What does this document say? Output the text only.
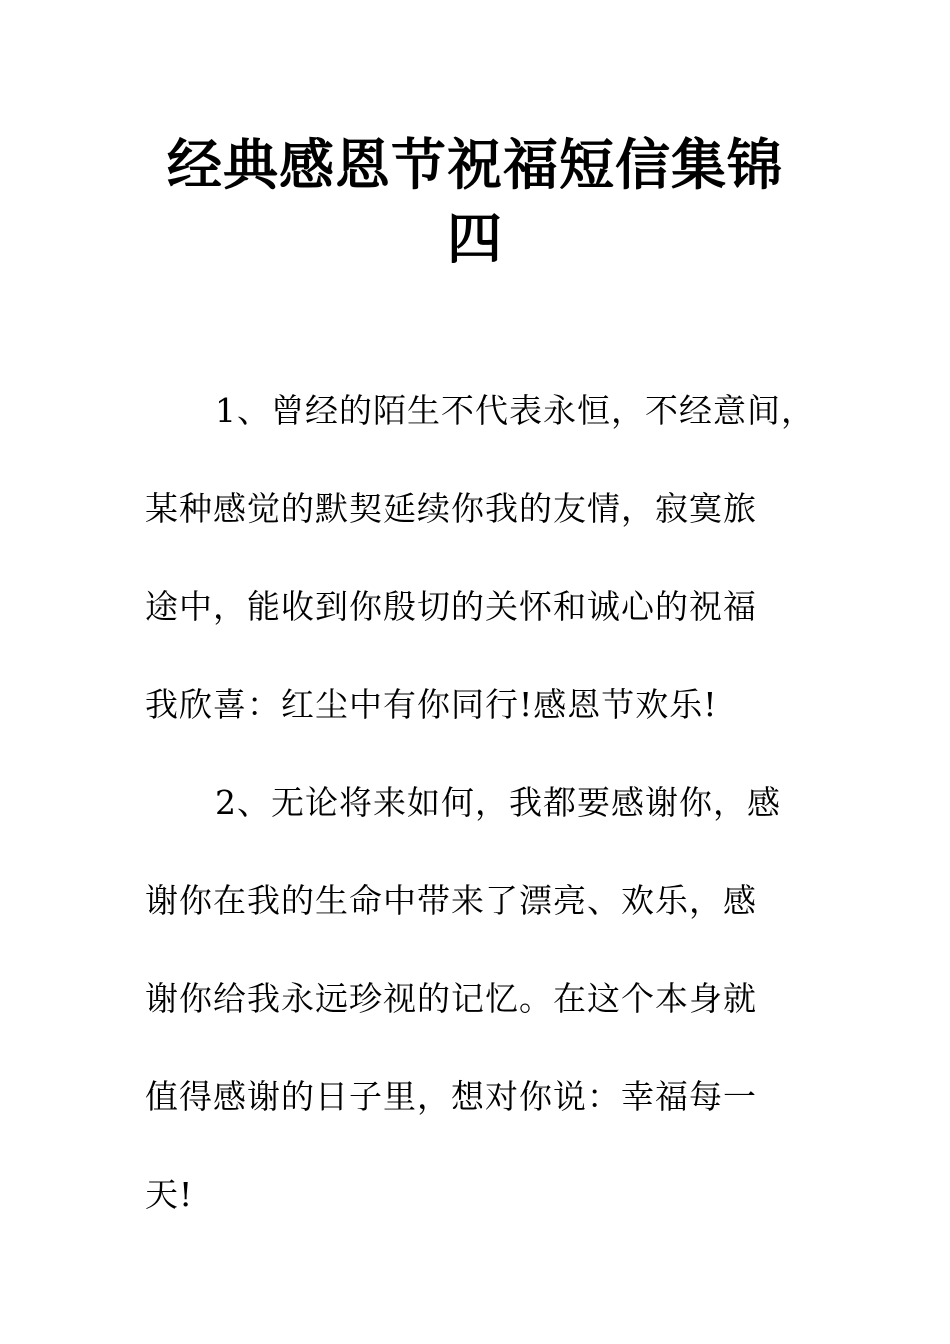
经典感恩节祝福短信集锦
四

1、曾经的陌生不代表永恒，不经意间，
某种感觉的默契延续你我的友情，寂寞旅
途中，能收到你殷切的关怀和诚心的祝福
我欣喜：红尘中有你同行!感恩节欢乐!

2、无论将来如何，我都要感谢你，感
谢你在我的生命中带来了漂亮、欢乐，感
谢你给我永远珍视的记忆。在这个本身就
值得感谢的日子里，想对你说：幸福每一
天!
